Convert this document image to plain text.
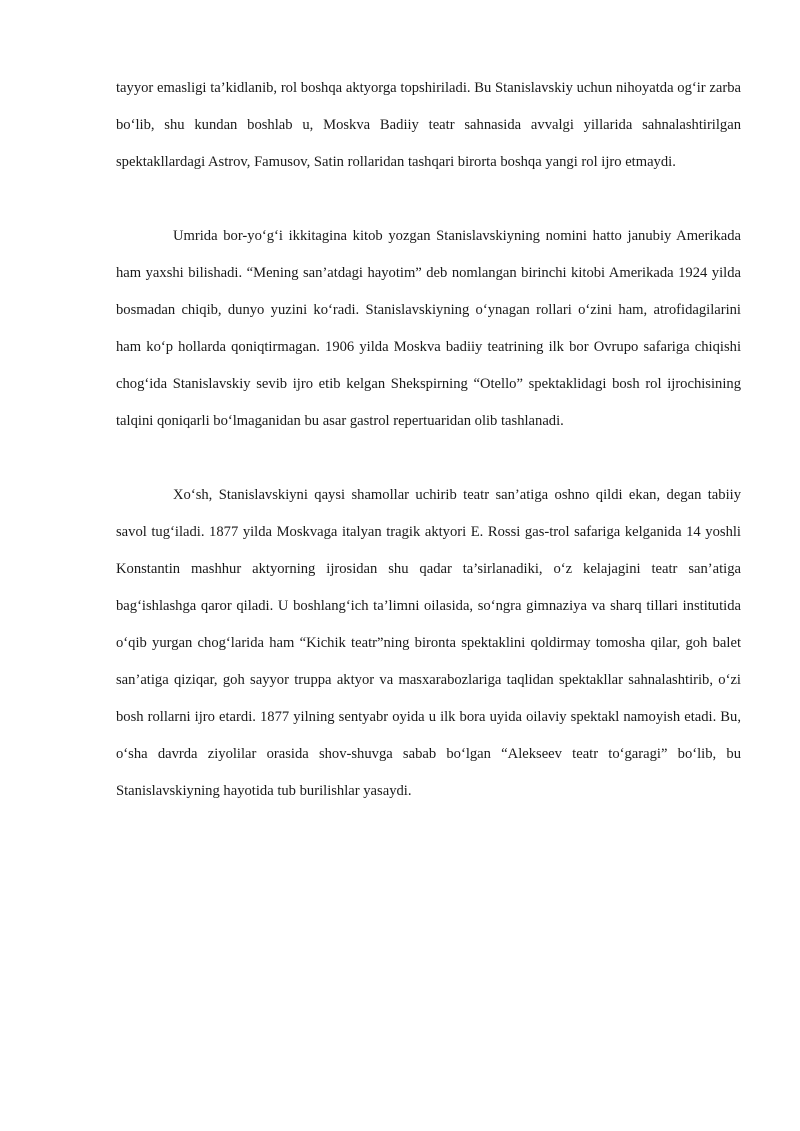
tayyor emasligi ta’kidlanib, rol boshqa aktyorga topshiriladi. Bu Stanislavskiy uchun nihoyatda og‘ir zarba bo‘lib, shu kundan boshlab u, Moskva Badiiy teatr sahnasida avvalgi yillarida sahnalashtirilgan spektakllardagi Astrov, Famusov, Satin rollaridan tashqari birorta boshqa yangi rol ijro etmaydi.

Umrida bor-yo‘g‘i ikkitagina kitob yozgan Stanislavskiyning nomini hatto janubiy Amerikada ham yaxshi bilishadi. “Mening san’atdagi hayotim” deb nomlangan birinchi kitobi Amerikada 1924 yilda bosmadan chiqib, dunyo yuzini ko‘radi. Stanislavskiyning o‘ynagan rollari o‘zini ham, atrofidagilarini ham ko‘p hollarda qoniqtirmagan. 1906 yilda Moskva badiiy teatrining ilk bor Ovrupo safariga chiqishi chog‘ida Stanislavskiy sevib ijro etib kelgan Shekspirning “Otello” spektaklidagi bosh rol ijrochisining talqini qoniqarli bo‘lmaganidan bu asar gastrol repertuaridan olib tashlanadi.

Xo‘sh, Stanislavskiyni qaysi shamollar uchirib teatr san’atiga oshno qildi ekan, degan tabiiy savol tug‘iladi. 1877 yilda Moskvaga italyan tragik aktyori E. Rossi gas-trol safariga kelganida 14 yoshli Konstantin mashhur aktyorning ijrosidan shu qadar ta’sirlanadiki, o‘z kelajagini teatr san’atiga bag‘ishlashga qaror qiladi. U boshlang‘ich ta’limni oilasida, so‘ngra gimnaziya va sharq tillari institutida o‘qib yurgan chog‘larida ham “Kichik teatr”ning bironta spektaklini qoldirmay tomosha qilar, goh balet san’atiga qiziqar, goh sayyor truppa aktyor va masxarabozlariga taqlidan spektakllar sahnalashtirib, o‘zi bosh rollarni ijro etardi. 1877 yilning sentyabr oyida u ilk bora uyida oilaviy spektakl namoyish etadi. Bu, o‘sha davrda ziyolilar orasida shov-shuvga sabab bo‘lgan “Alekseev teatr to‘garagi” bo‘lib, bu Stanislavskiyning hayotida tub burilishlar yasaydi.
